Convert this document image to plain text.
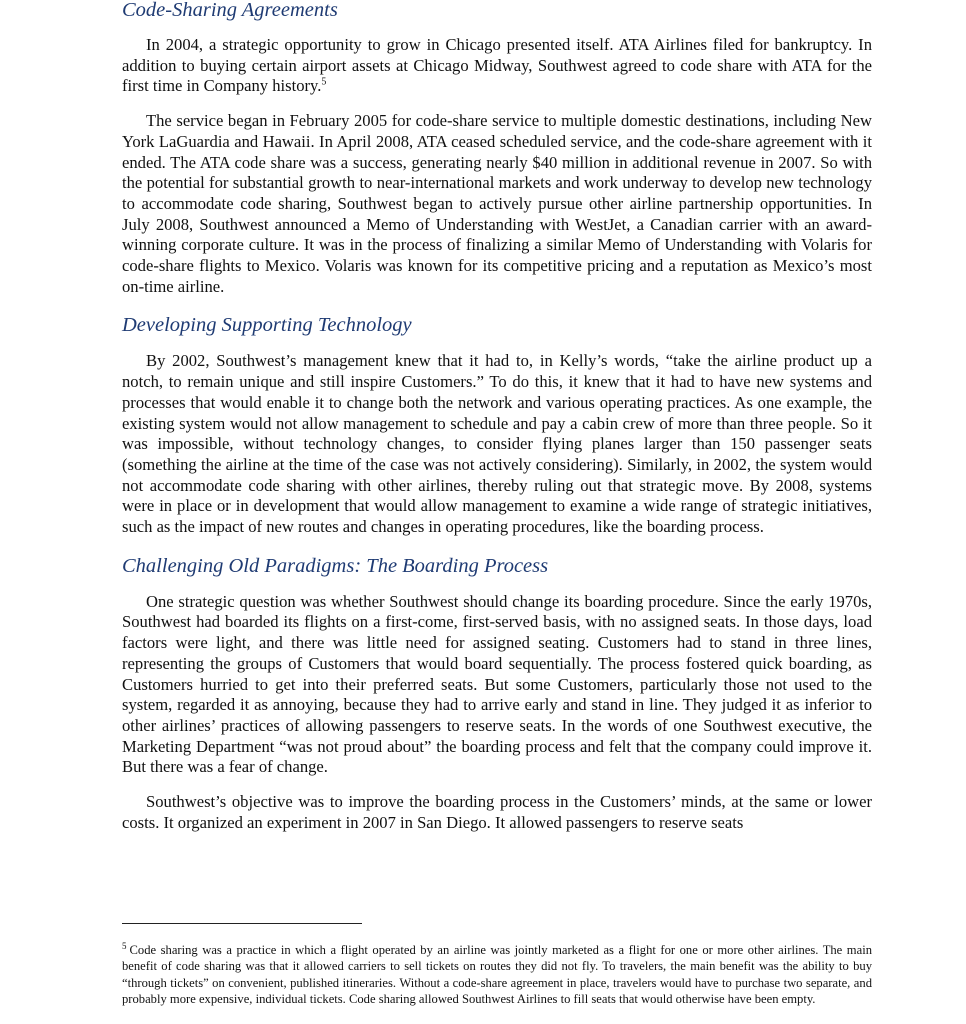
Code-Sharing Agreements

In 2004, a strategic opportunity to grow in Chicago presented itself. ATA Airlines filed for bankruptcy. In addition to buying certain airport assets at Chicago Midway, Southwest agreed to code share with ATA for the first time in Company history.$^5$

The service began in February 2005 for code-share service to multiple domestic destinations, including New York LaGuardia and Hawaii. In April 2008, ATA ceased scheduled service, and the code-share agreement with it ended. The ATA code share was a success, generating nearly $40 million in additional revenue in 2007. So with the potential for substantial growth to near-international markets and work underway to develop new technology to accommodate code sharing, Southwest began to actively pursue other airline partnership opportunities. In July 2008, Southwest announced a Memo of Understanding with WestJet, a Canadian carrier with an award-winning corporate culture. It was in the process of finalizing a similar Memo of Understanding with Volaris for code-share flights to Mexico. Volaris was known for its competitive pricing and a reputation as Mexico’s most on-time airline.

Developing Supporting Technology

By 2002, Southwest’s management knew that it had to, in Kelly’s words, “take the airline product up a notch, to remain unique and still inspire Customers.” To do this, it knew that it had to have new systems and processes that would enable it to change both the network and various operating practices. As one example, the existing system would not allow management to schedule and pay a cabin crew of more than three people. So it was impossible, without technology changes, to consider flying planes larger than 150 passenger seats (something the airline at the time of the case was not actively considering). Similarly, in 2002, the system would not accommodate code sharing with other airlines, thereby ruling out that strategic move. By 2008, systems were in place or in development that would allow management to examine a wide range of strategic initiatives, such as the impact of new routes and changes in operating procedures, like the boarding process.

Challenging Old Paradigms: The Boarding Process

One strategic question was whether Southwest should change its boarding procedure. Since the early 1970s, Southwest had boarded its flights on a first-come, first-served basis, with no assigned seats. In those days, load factors were light, and there was little need for assigned seating. Customers had to stand in three lines, representing the groups of Customers that would board sequentially. The process fostered quick boarding, as Customers hurried to get into their preferred seats. But some Customers, particularly those not used to the system, regarded it as annoying, because they had to arrive early and stand in line. They judged it as inferior to other airlines’ practices of allowing passengers to reserve seats. In the words of one Southwest executive, the Marketing Department “was not proud about” the boarding process and felt that the company could improve it. But there was a fear of change.

Southwest’s objective was to improve the boarding process in the Customers’ minds, at the same or lower costs. It organized an experiment in 2007 in San Diego. It allowed passengers to reserve seats

$^5$ Code sharing was a practice in which a flight operated by an airline was jointly marketed as a flight for one or more other airlines. The main benefit of code sharing was that it allowed carriers to sell tickets on routes they did not fly. To travelers, the main benefit was the ability to buy “through tickets” on convenient, published itineraries. Without a code-share agreement in place, travelers would have to purchase two separate, and probably more expensive, individual tickets. Code sharing allowed Southwest Airlines to fill seats that would otherwise have been empty.
